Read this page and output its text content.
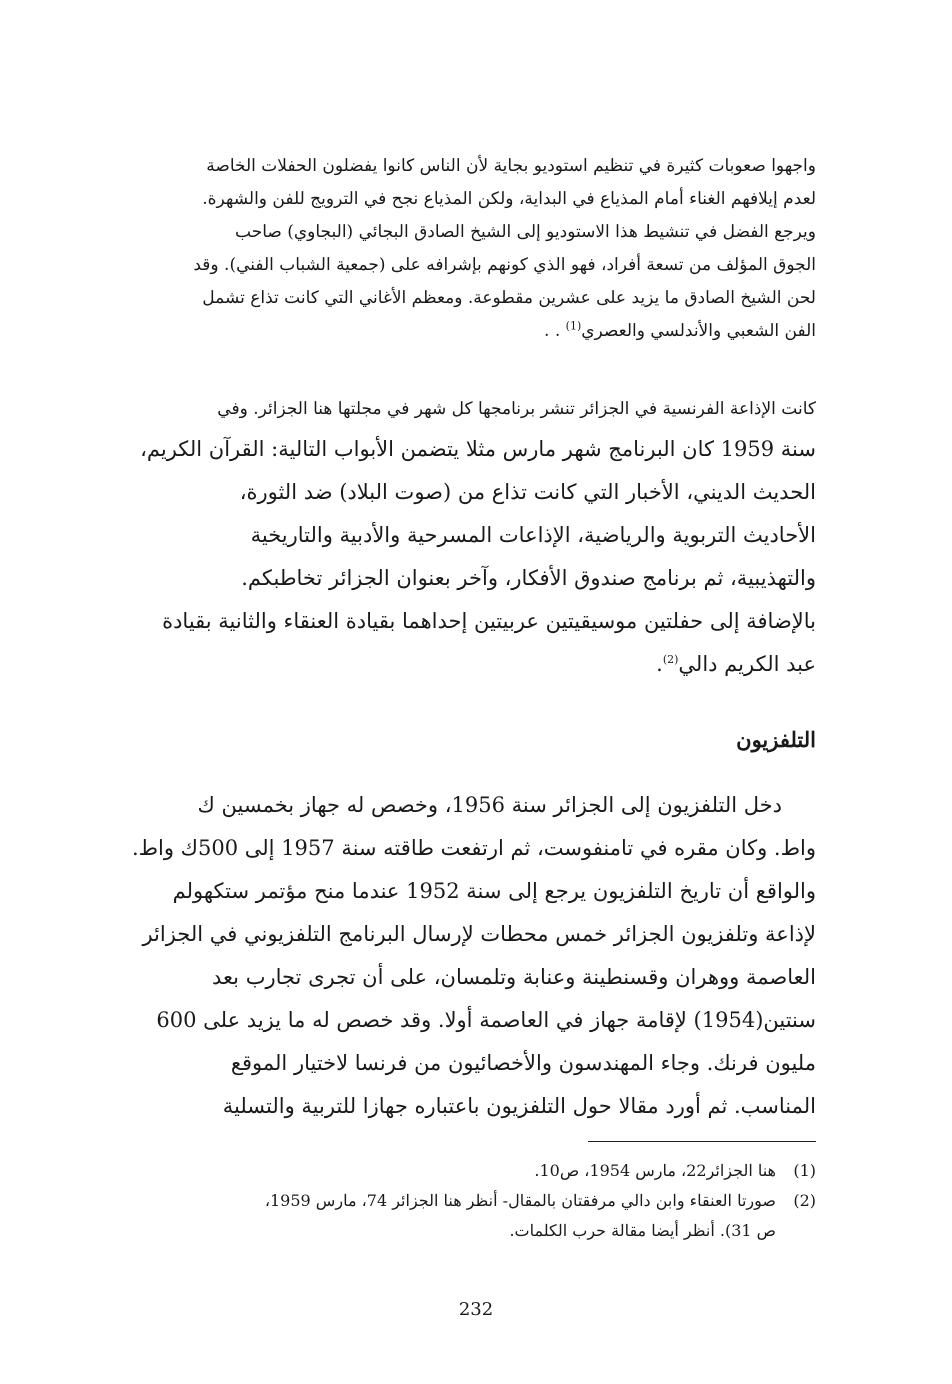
واجهوا صعوبات كثيرة في تنظيم استوديو بجاية لأن الناس كانوا يفضلون الحفلات الخاصة
لعدم إيلافهم الغناء أمام المذياع في البداية، ولكن المذياع نجح في الترويج للفن والشهرة.
ويرجع الفضل في تنشيط هذا الاستوديو إلى الشيخ الصادق البجائي (البجاوي) صاحب
الجوق المؤلف من تسعة أفراد، فهو الذي كونهم بإشرافه على (جمعية الشباب الفني). وقد
لحن الشيخ الصادق ما يزيد على عشرين مقطوعة. ومعظم الأغاني التي كانت تذاع تشمل
الفن الشعبي والأندلسي والعصري$^{(1)}$ . .
كانت الإذاعة الفرنسية في الجزائر تنشر برنامجها كل شهر في مجلتها هنا الجزائر. وفي
سنة 1959 كان البرنامج شهر مارس مثلا يتضمن الأبواب التالية: القرآن الكريم،
الحديث الديني، الأخبار التي كانت تذاع من (صوت البلاد) ضد الثورة،
الأحاديث التربوية والرياضية، الإذاعات المسرحية والأدبية والتاريخية
والتهذيبية، ثم برنامج صندوق الأفكار، وآخر بعنوان الجزائر تخاطبكم.
بالإضافة إلى حفلتين موسيقيتين عربيتين إحداهما بقيادة العنقاء والثانية بقيادة
عبد الكريم دالي$^{(2)}$.
التلفزيون
دخل التلفزيون إلى الجزائر سنة 1956، وخصص له جهاز بخمسين ك
واط. وكان مقره في تامنفوست، ثم ارتفعت طاقته سنة 1957 إلى 500ك واط.
والواقع أن تاريخ التلفزيون يرجع إلى سنة 1952 عندما منح مؤتمر ستكهولم
لإذاعة وتلفزيون الجزائر خمس محطات لإرسال البرنامج التلفزيوني في الجزائر
العاصمة ووهران وقسنطينة وعنابة وتلمسان، على أن تجرى تجارب بعد
سنتين(1954) لإقامة جهاز في العاصمة أولا. وقد خصص له ما يزيد على 600
مليون فرنك. وجاء المهندسون والأخصائيون من فرنسا لاختيار الموقع
المناسب. ثم أورد مقالا حول التلفزيون باعتباره جهازا للتربية والتسلية
(1)
هنا الجزائر22، مارس 1954، ص10.
(2)
صورتا العنقاء وابن دالي مرفقتان بالمقال- أنظر هنا الجزائر 74، مارس 1959،
ص 31). أنظر أيضا مقالة حرب الكلمات.
232
